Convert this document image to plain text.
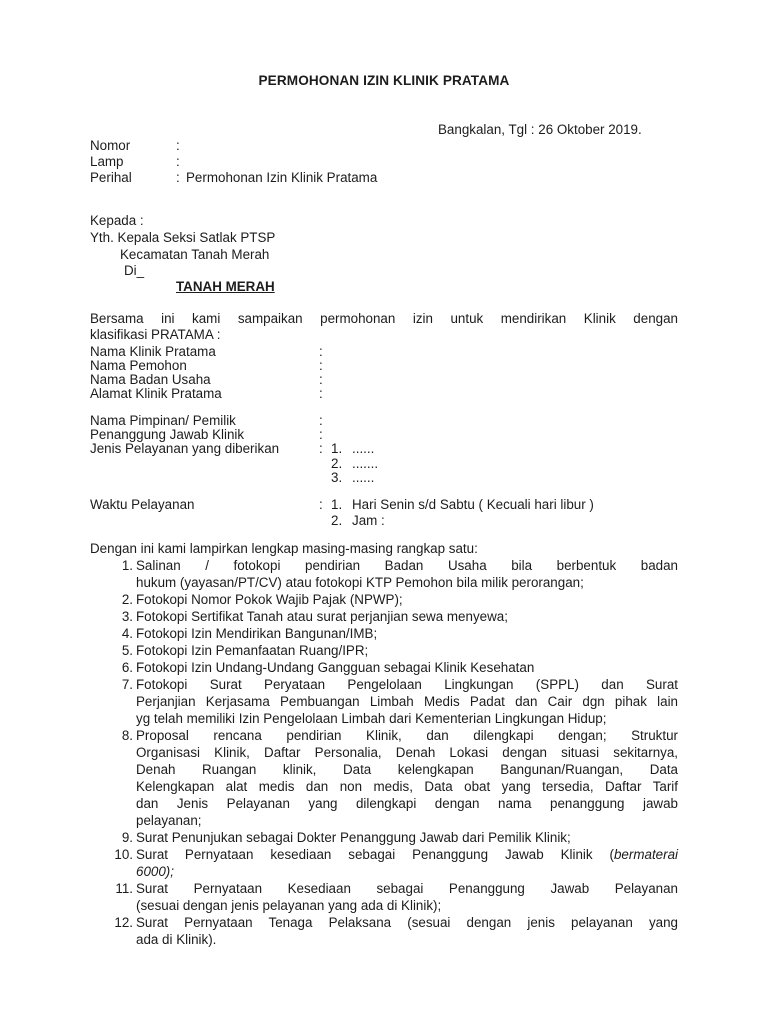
PERMOHONAN IZIN KLINIK PRATAMA
Bangkalan, Tgl : 26 Oktober 2019.
Nomor	:
Lamp	:
Perihal	: Permohonan Izin Klinik Pratama
Kepada :
Yth. Kepala Seksi Satlak PTSP
Kecamatan Tanah Merah
Di_
TANAH MERAH
Bersama ini kami sampaikan permohonan izin untuk mendirikan Klinik dengan
klasifikasi PRATAMA :
Nama Klinik Pratama	:
Nama Pemohon	:
Nama Badan Usaha	:
Alamat Klinik Pratama	:
Nama Pimpinan/ Pemilik	:
Penanggung Jawab Klinik	:
Jenis Pelayanan yang diberikan	: 1. ......
2. .......
3. ......
Waktu Pelayanan	: 1. Hari Senin s/d Sabtu ( Kecuali hari libur )
2. Jam :
Dengan ini kami lampirkan lengkap masing-masing rangkap satu:
1. Salinan / fotokopi pendirian Badan Usaha bila berbentuk badan
hukum (yayasan/PT/CV) atau fotokopi KTP Pemohon bila milik perorangan;
2. Fotokopi Nomor Pokok Wajib Pajak (NPWP);
3. Fotokopi Sertifikat Tanah atau surat perjanjian sewa menyewa;
4. Fotokopi Izin Mendirikan Bangunan/IMB;
5. Fotokopi Izin Pemanfaatan Ruang/IPR;
6. Fotokopi Izin Undang-Undang Gangguan sebagai Klinik Kesehatan
7. Fotokopi Surat Peryataan Pengelolaan Lingkungan (SPPL) dan Surat
Perjanjian Kerjasama Pembuangan Limbah Medis Padat dan Cair dgn pihak lain
yg telah memiliki Izin Pengelolaan Limbah dari Kementerian Lingkungan Hidup;
8. Proposal rencana pendirian Klinik, dan dilengkapi dengan; Struktur
Organisasi Klinik, Daftar Personalia, Denah Lokasi dengan situasi sekitarnya,
Denah Ruangan klinik, Data kelengkapan Bangunan/Ruangan, Data
Kelengkapan alat medis dan non medis, Data obat yang tersedia, Daftar Tarif
dan Jenis Pelayanan yang dilengkapi dengan nama penanggung jawab
pelayanan;
9. Surat Penunjukan sebagai Dokter Penanggung Jawab dari Pemilik Klinik;
10. Surat Pernyataan kesediaan sebagai Penanggung Jawab Klinik (bermaterai
6000);
11. Surat Pernyataan Kesediaan sebagai Penanggung Jawab Pelayanan
(sesuai dengan jenis pelayanan yang ada di Klinik);
12. Surat Pernyataan Tenaga Pelaksana (sesuai dengan jenis pelayanan yang
ada di Klinik).
